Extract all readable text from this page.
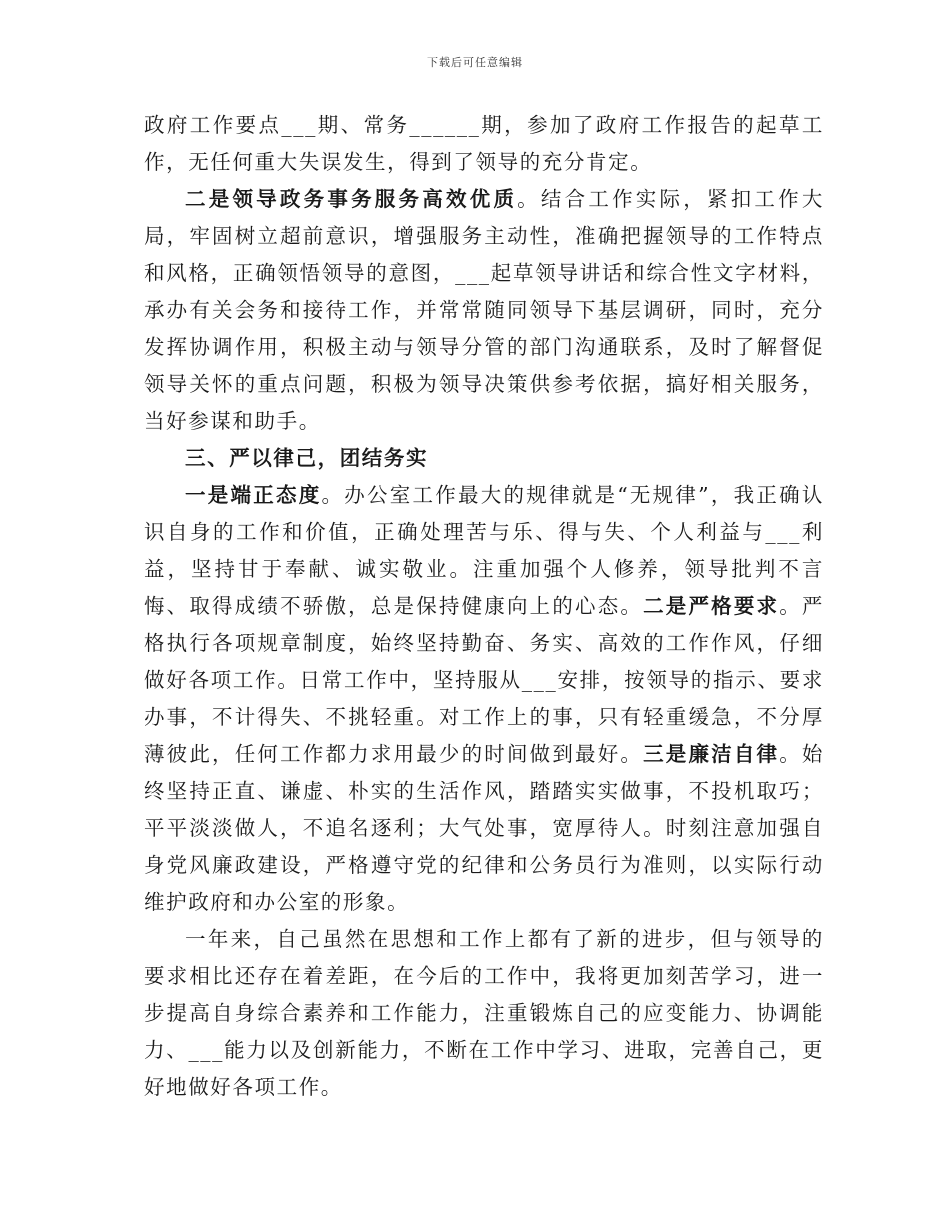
下载后可任意编辑

政府工作要点___期、常务______期，参加了政府工作报告的起草工作，无任何重大失误发生，得到了领导的充分肯定。

二是领导政务事务服务高效优质。结合工作实际，紧扣工作大局，牢固树立超前意识，增强服务主动性，准确把握领导的工作特点和风格，正确领悟领导的意图，___起草领导讲话和综合性文字材料，承办有关会务和接待工作，并常常随同领导下基层调研，同时，充分发挥协调作用，积极主动与领导分管的部门沟通联系，及时了解督促领导关怀的重点问题，积极为领导决策供参考依据，搞好相关服务，当好参谋和助手。

三、严以律己，团结务实

一是端正态度。办公室工作最大的规律就是“无规律”，我正确认识自身的工作和价值，正确处理苦与乐、得与失、个人利益与___利益，坚持甘于奉献、诚实敬业。注重加强个人修养，领导批判不言悔、取得成绩不骄傲，总是保持健康向上的心态。二是严格要求。严格执行各项规章制度，始终坚持勤奋、务实、高效的工作作风，仔细做好各项工作。日常工作中，坚持服从___安排，按领导的指示、要求办事，不计得失、不挑轻重。对工作上的事，只有轻重缓急，不分厚薄彼此，任何工作都力求用最少的时间做到最好。三是廉洁自律。始终坚持正直、谦虚、朴实的生活作风，踏踏实实做事，不投机取巧；平平淡淡做人，不追名逐利；大气处事，宽厚待人。时刻注意加强自身党风廉政建设，严格遵守党的纪律和公务员行为准则，以实际行动维护政府和办公室的形象。

一年来，自己虽然在思想和工作上都有了新的进步，但与领导的要求相比还存在着差距，在今后的工作中，我将更加刻苦学习，进一步提高自身综合素养和工作能力，注重锻炼自己的应变能力、协调能力、___能力以及创新能力，不断在工作中学习、进取，完善自己，更好地做好各项工作。
